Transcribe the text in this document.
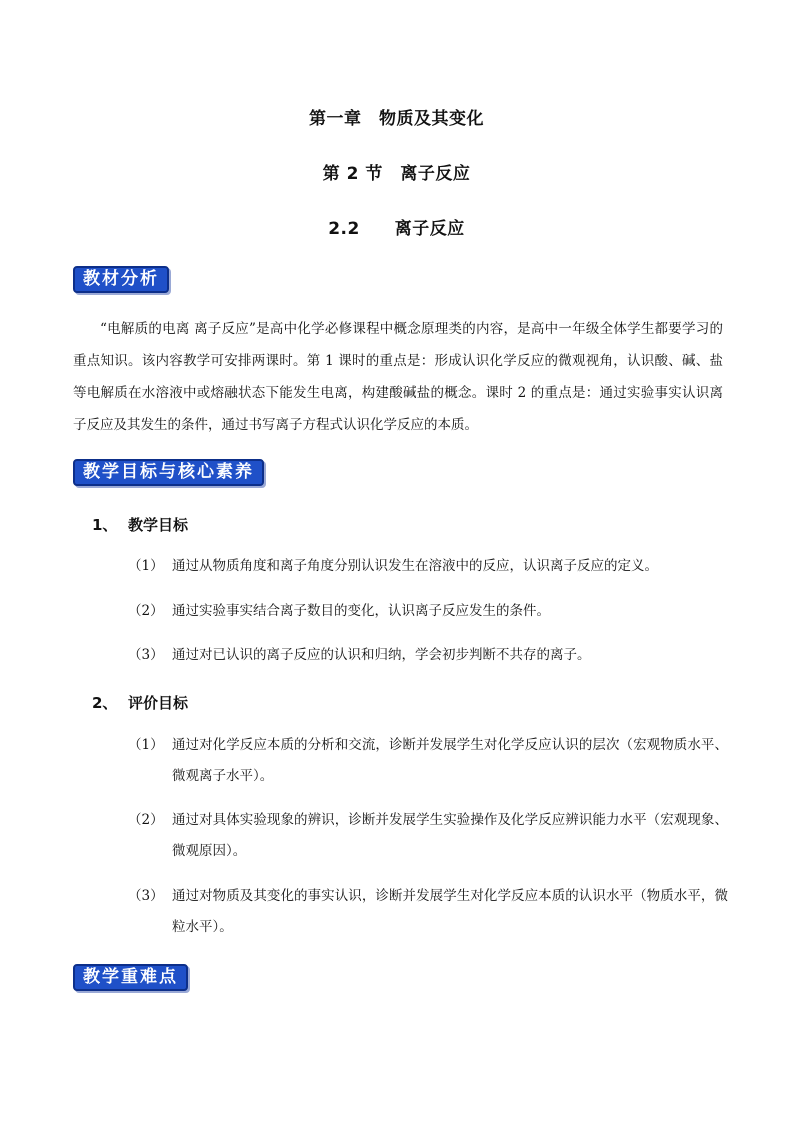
第一章　物质及其变化
第 2 节　离子反应
2.2　　离子反应
教材分析

“电解质的电离 离子反应”是高中化学必修课程中概念原理类的内容，是高中一年级全体学生都要学习的重点知识。该内容教学可安排两课时。第 1 课时的重点是：形成认识化学反应的微观视角，认识酸、碱、盐等电解质在水溶液中或熔融状态下能发生电离，构建酸碱盐的概念。课时 2 的重点是：通过实验事实认识离子反应及其发生的条件，通过书写离子方程式认识化学反应的本质。

教学目标与核心素养
1、 教学目标
（1） 通过从物质角度和离子角度分别认识发生在溶液中的反应，认识离子反应的定义。
（2） 通过实验事实结合离子数目的变化，认识离子反应发生的条件。
（3） 通过对已认识的离子反应的认识和归纳，学会初步判断不共存的离子。
2、 评价目标
（1） 通过对化学反应本质的分析和交流，诊断并发展学生对化学反应认识的层次（宏观物质水平、微观离子水平）。
（2） 通过对具体实验现象的辨识，诊断并发展学生实验操作及化学反应辨识能力水平（宏观现象、微观原因）。
（3） 通过对物质及其变化的事实认识，诊断并发展学生对化学反应本质的认识水平（物质水平，微粒水平）。
教学重难点
